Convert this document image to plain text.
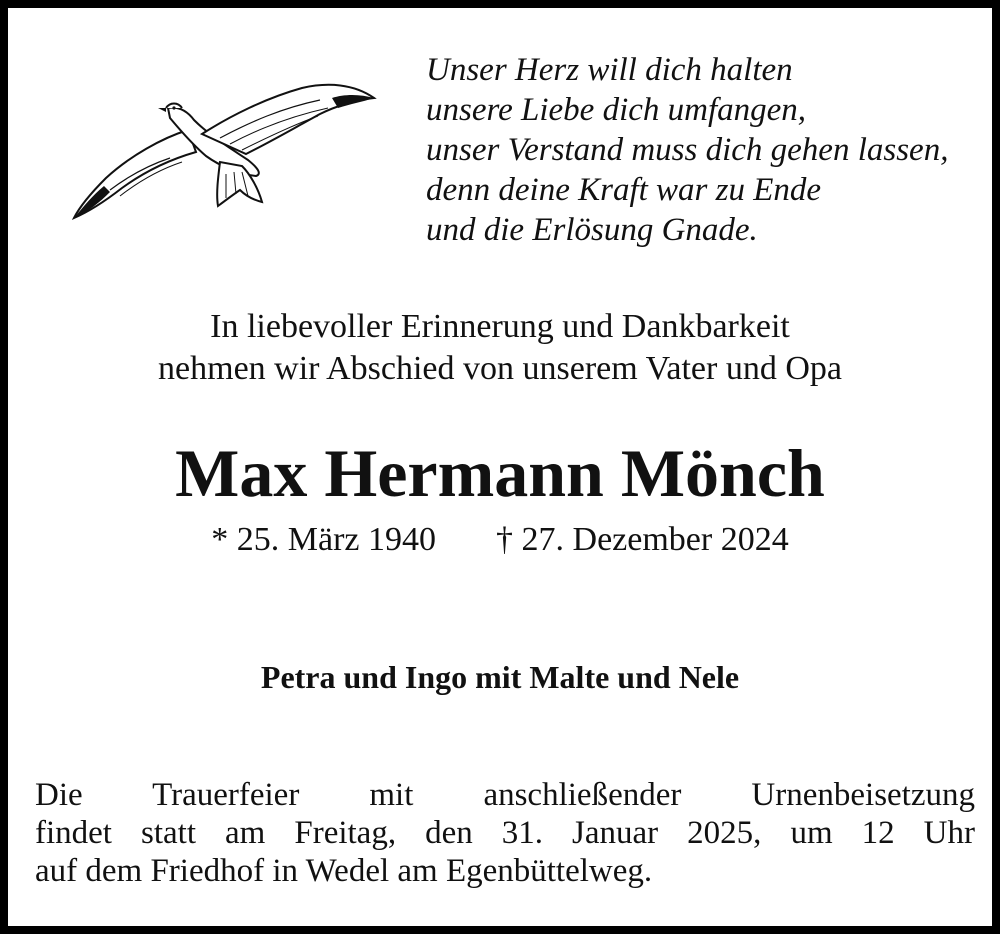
Unser Herz will dich halten
unsere Liebe dich umfangen,
unser Verstand muss dich gehen lassen,
denn deine Kraft war zu Ende
und die Erlösung Gnade.
In liebevoller Erinnerung und Dankbarkeit
nehmen wir Abschied von unserem Vater und Opa
Max Hermann Mönch
* 25. März 1940 † 27. Dezember 2024
Petra und Ingo mit Malte und Nele
Die Trauerfeier mit anschließender Urnenbeisetzung
findet statt am Freitag, den 31. Januar 2025, um 12 Uhr
auf dem Friedhof in Wedel am Egenbüttelweg.
